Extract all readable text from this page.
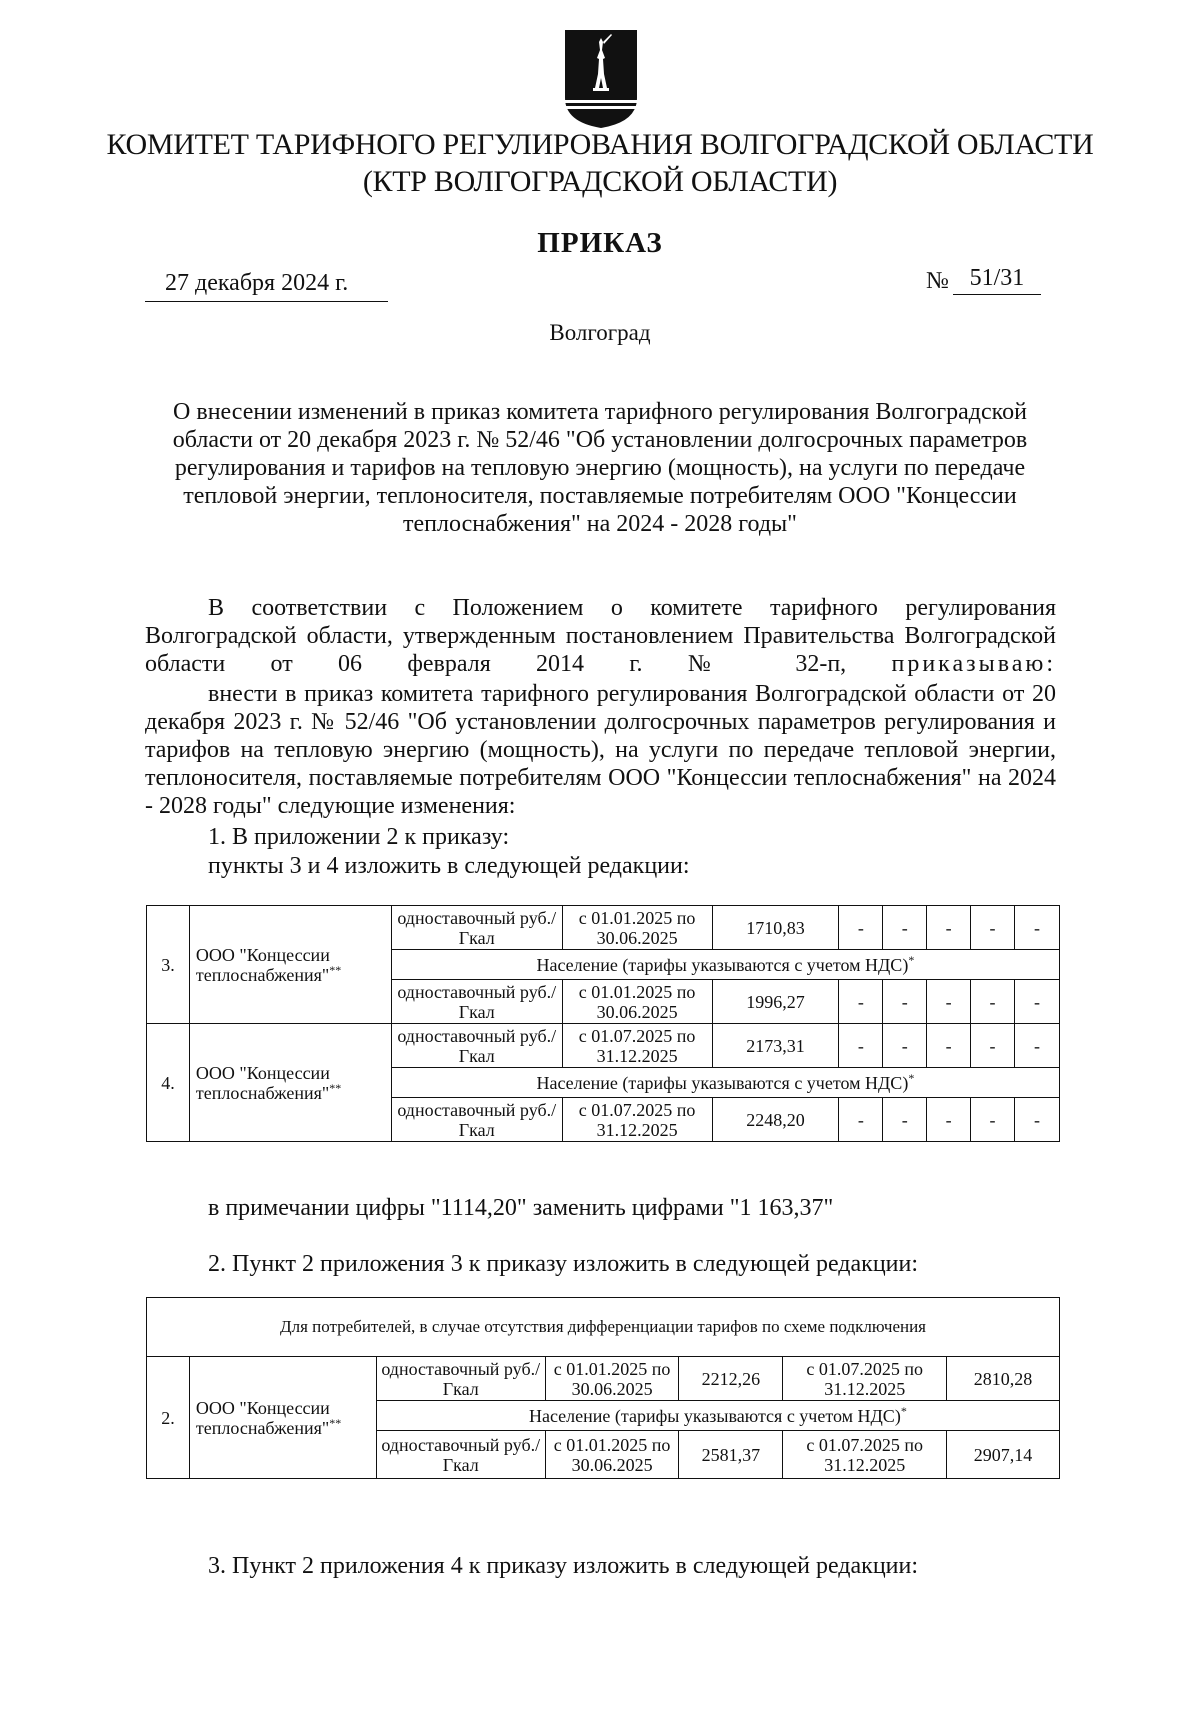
КОМИТЕТ ТАРИФНОГО РЕГУЛИРОВАНИЯ ВОЛГОГРАДСКОЙ ОБЛАСТИ
(КТР ВОЛГОГРАДСКОЙ ОБЛАСТИ)
ПРИКАЗ
27 декабря 2024 г.	№ 51/31
Волгоград
О внесении изменений в приказ комитета тарифного регулирования Волгоградской области от 20 декабря 2023 г. № 52/46 "Об установлении долгосрочных параметров регулирования и тарифов на тепловую энергию (мощность), на услуги по передаче тепловой энергии, теплоносителя, поставляемые потребителям ООО "Концессии теплоснабжения" на 2024 - 2028 годы"
В соответствии с Положением о комитете тарифного регулирования Волгоградской области, утвержденным постановлением Правительства Волгоградской области от 06 февраля 2014 г. № 32-п, приказываю:
внести в приказ комитета тарифного регулирования Волгоградской области от 20 декабря 2023 г. № 52/46 "Об установлении долгосрочных параметров регулирования и тарифов на тепловую энергию (мощность), на услуги по передаче тепловой энергии, теплоносителя, поставляемые потребителям ООО "Концессии теплоснабжения" на 2024 - 2028 годы" следующие изменения:
1. В приложении 2 к приказу:
пункты 3 и 4 изложить в следующей редакции:
3.	ООО "Концессии теплоснабжения"**	одноставочный руб./Гкал	с 01.01.2025 по 30.06.2025	1710,83	-	-	-	-	-
		Население (тарифы указываются с учетом НДС)*
		одноставочный руб./Гкал	с 01.01.2025 по 30.06.2025	1996,27	-	-	-	-	-
4.	ООО "Концессии теплоснабжения"**	одноставочный руб./Гкал	с 01.07.2025 по 31.12.2025	2173,31	-	-	-	-	-
		Население (тарифы указываются с учетом НДС)*
		одноставочный руб./Гкал	с 01.07.2025 по 31.12.2025	2248,20	-	-	-	-	-
в примечании цифры "1114,20" заменить цифрами "1 163,37"
2. Пункт 2 приложения 3 к приказу изложить в следующей редакции:
Для потребителей, в случае отсутствия дифференциации тарифов по схеме подключения						
2.	ООО "Концессии теплоснабжения"**	одноставочный руб./Гкал	с 01.01.2025 по 30.06.2025	2212,26	с 01.07.2025 по 31.12.2025	2810,28
		Население (тарифы указываются с учетом НДС)*
		одноставочный руб./Гкал	с 01.01.2025 по 30.06.2025	2581,37	с 01.07.2025 по 31.12.2025	2907,14
3. Пункт 2 приложения 4 к приказу изложить в следующей редакции:
